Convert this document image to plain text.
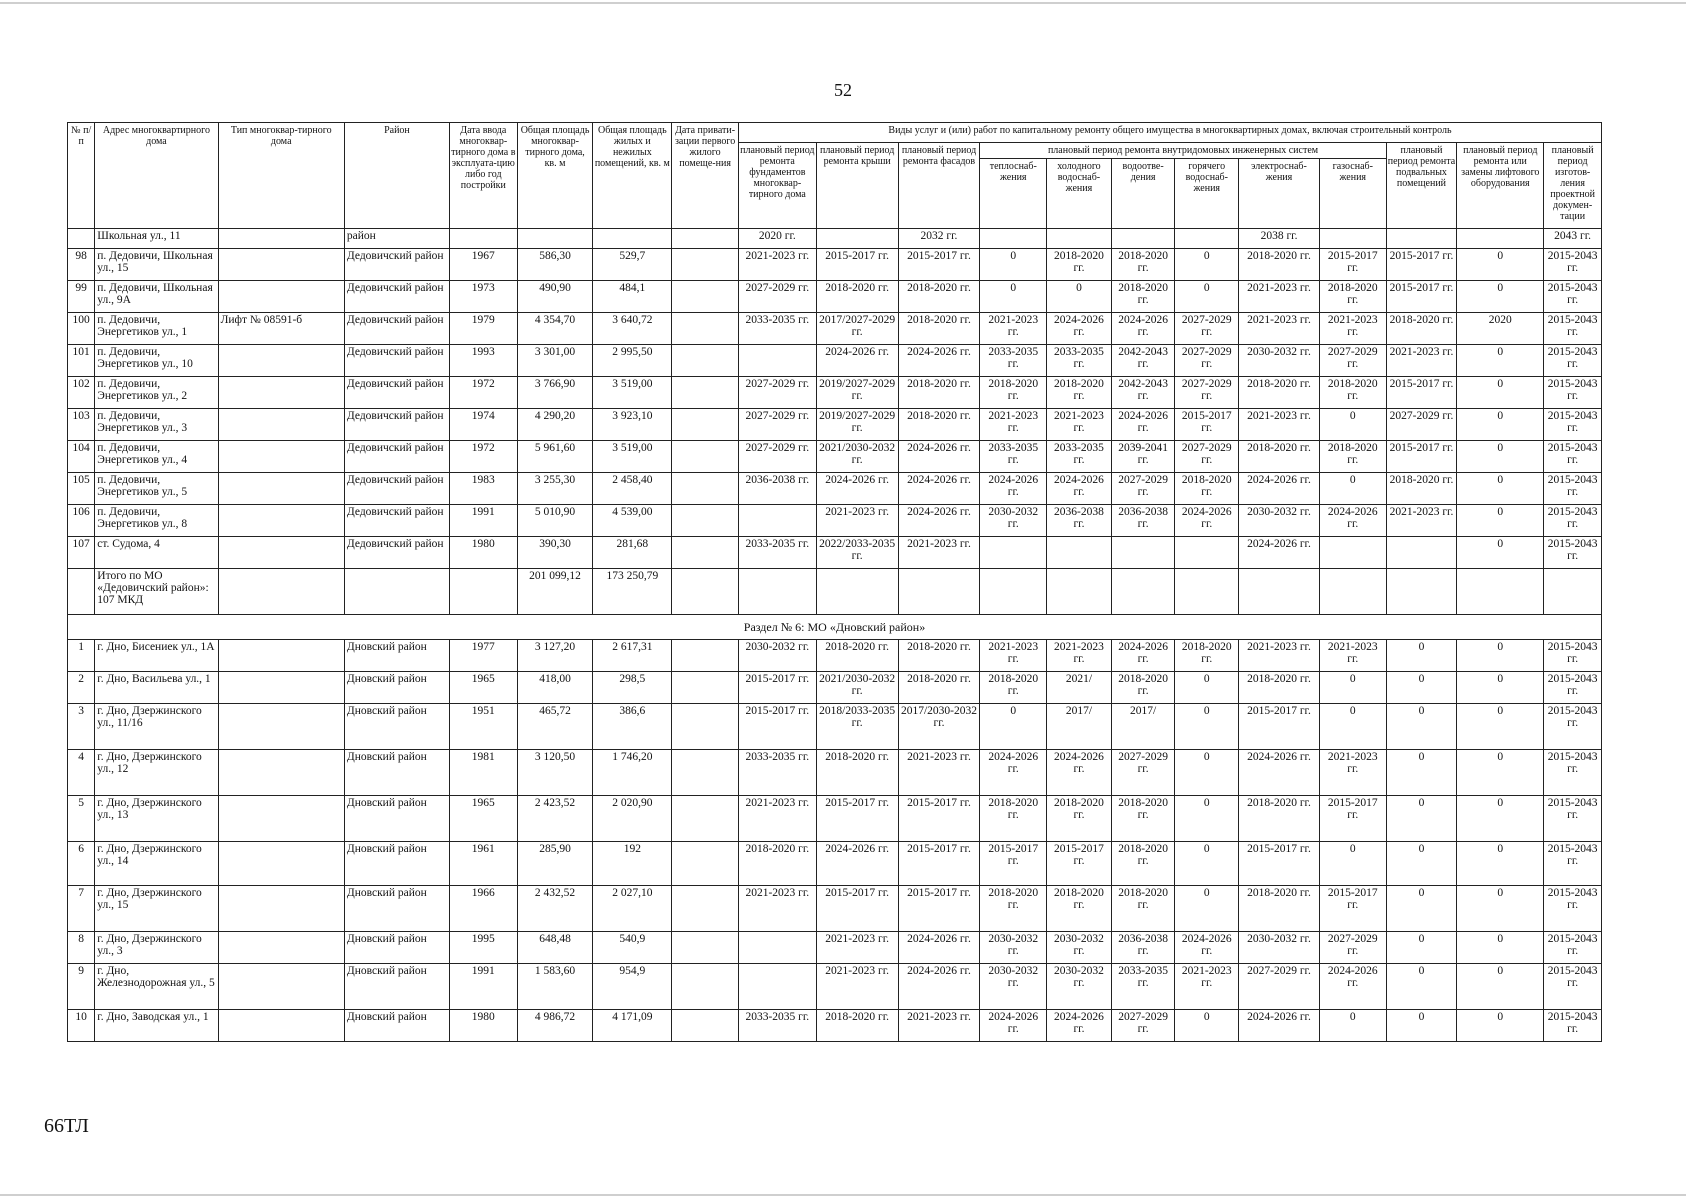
52
№ п/п	Адрес многоквартирного дома	Тип многоквар-тирного дома	Район	Дата ввода многоквар-тирного дома в эксплуата-цию либо год постройки	Общая площадь многоквар-тирного дома, кв. м	Общая площадь жилых и нежилых помещений, кв. м	Дата привати-зации первого жилого помеще-ния	Виды услуг и (или) работ по капитальному ремонту общего имущества в многоквартирных домах, включая строительный контроль											
								плановый период ремонта фундаментов многоквар-тирного дома	плановый период ремонта крыши	плановый период ремонта фасадов	плановый период ремонта внутридомовых инженерных систем						плановый период ремонта подвальных помещений	плановый период ремонта или замены лифтового оборудования	плановый период изготов-ления проектной докумен-тации
											теплоснаб-жения	холодного водоснаб-жения	водоотве-дения	горячего водоснаб-жения	электроснаб-жения	газоснаб-жения			
	Школьная ул., 11		район					2020 гг.		2032 гг.					2038 гг.				2043 гг.
98	п. Дедовичи, Школьная ул., 15		Дедовичский район	1967	586,30	529,7		2021-2023 гг.	2015-2017 гг.	2015-2017 гг.	0	2018-2020 гг.	2018-2020 гг.	0	2018-2020 гг.	2015-2017 гг.	2015-2017 гг.	0	2015-2043 гг.
99	п. Дедовичи, Школьная ул., 9А		Дедовичский район	1973	490,90	484,1		2027-2029 гг.	2018-2020 гг.	2018-2020 гг.	0	0	2018-2020 гг.	0	2021-2023 гг.	2018-2020 гг.	2015-2017 гг.	0	2015-2043 гг.
100	п. Дедовичи, Энергетиков ул., 1	Лифт № 08591-б	Дедовичский район	1979	4 354,70	3 640,72		2033-2035 гг.	2017/2027-2029 гг.	2018-2020 гг.	2021-2023 гг.	2024-2026 гг.	2024-2026 гг.	2027-2029 гг.	2021-2023 гг.	2021-2023 гг.	2018-2020 гг.	2020	2015-2043 гг.
101	п. Дедовичи, Энергетиков ул., 10		Дедовичский район	1993	3 301,00	2 995,50			2024-2026 гг.	2024-2026 гг.	2033-2035 гг.	2033-2035 гг.	2042-2043 гг.	2027-2029 гг.	2030-2032 гг.	2027-2029 гг.	2021-2023 гг.	0	2015-2043 гг.
102	п. Дедовичи, Энергетиков ул., 2		Дедовичский район	1972	3 766,90	3 519,00		2027-2029 гг.	2019/2027-2029 гг.	2018-2020 гг.	2018-2020 гг.	2018-2020 гг.	2042-2043 гг.	2027-2029 гг.	2018-2020 гг.	2018-2020 гг.	2015-2017 гг.	0	2015-2043 гг.
103	п. Дедовичи, Энергетиков ул., 3		Дедовичский район	1974	4 290,20	3 923,10		2027-2029 гг.	2019/2027-2029 гг.	2018-2020 гг.	2021-2023 гг.	2021-2023 гг.	2024-2026 гг.	2015-2017 гг.	2021-2023 гг.	0	2027-2029 гг.	0	2015-2043 гг.
104	п. Дедовичи, Энергетиков ул., 4		Дедовичский район	1972	5 961,60	3 519,00		2027-2029 гг.	2021/2030-2032 гг.	2024-2026 гг.	2033-2035 гг.	2033-2035 гг.	2039-2041 гг.	2027-2029 гг.	2018-2020 гг.	2018-2020 гг.	2015-2017 гг.	0	2015-2043 гг.
105	п. Дедовичи, Энергетиков ул., 5		Дедовичский район	1983	3 255,30	2 458,40		2036-2038 гг.	2024-2026 гг.	2024-2026 гг.	2024-2026 гг.	2024-2026 гг.	2027-2029 гг.	2018-2020 гг.	2024-2026 гг.	0	2018-2020 гг.	0	2015-2043 гг.
106	п. Дедовичи, Энергетиков ул., 8		Дедовичский район	1991	5 010,90	4 539,00			2021-2023 гг.	2024-2026 гг.	2030-2032 гг.	2036-2038 гг.	2036-2038 гг.	2024-2026 гг.	2030-2032 гг.	2024-2026 гг.	2021-2023 гг.	0	2015-2043 гг.
107	ст. Судома, 4		Дедовичский район	1980	390,30	281,68		2033-2035 гг.	2022/2033-2035 гг.	2021-2023 гг.					2024-2026 гг.			0	2015-2043 гг.
	Итого по МО «Дедовичский район»: 107 МКД				201 099,12	173 250,79													
Раздел № 6: МО «Дновский район»																			
1	г. Дно, Бисениек ул., 1А		Дновский район	1977	3 127,20	2 617,31		2030-2032 гг.	2018-2020 гг.	2018-2020 гг.	2021-2023 гг.	2021-2023 гг.	2024-2026 гг.	2018-2020 гг.	2021-2023 гг.	2021-2023 гг.	0	0	2015-2043 гг.
2	г. Дно, Васильева ул., 1		Дновский район	1965	418,00	298,5		2015-2017 гг.	2021/2030-2032 гг.	2018-2020 гг.	2018-2020 гг.	2021/	2018-2020 гг.	0	2018-2020 гг.	0	0	0	2015-2043 гг.
3	г. Дно, Дзержинского ул., 11/16		Дновский район	1951	465,72	386,6		2015-2017 гг.	2018/2033-2035 гг.	2017/2030-2032 гг.	0	2017/	2017/	0	2015-2017 гг.	0	0	0	2015-2043 гг.
4	г. Дно, Дзержинского ул., 12		Дновский район	1981	3 120,50	1 746,20		2033-2035 гг.	2018-2020 гг.	2021-2023 гг.	2024-2026 гг.	2024-2026 гг.	2027-2029 гг.	0	2024-2026 гг.	2021-2023 гг.	0	0	2015-2043 гг.
5	г. Дно, Дзержинского ул., 13		Дновский район	1965	2 423,52	2 020,90		2021-2023 гг.	2015-2017 гг.	2015-2017 гг.	2018-2020 гг.	2018-2020 гг.	2018-2020 гг.	0	2018-2020 гг.	2015-2017 гг.	0	0	2015-2043 гг.
6	г. Дно, Дзержинского ул., 14		Дновский район	1961	285,90	192		2018-2020 гг.	2024-2026 гг.	2015-2017 гг.	2015-2017 гг.	2015-2017 гг.	2018-2020 гг.	0	2015-2017 гг.	0	0	0	2015-2043 гг.
7	г. Дно, Дзержинского ул., 15		Дновский район	1966	2 432,52	2 027,10		2021-2023 гг.	2015-2017 гг.	2015-2017 гг.	2018-2020 гг.	2018-2020 гг.	2018-2020 гг.	0	2018-2020 гг.	2015-2017 гг.	0	0	2015-2043 гг.
8	г. Дно, Дзержинского ул., 3		Дновский район	1995	648,48	540,9			2021-2023 гг.	2024-2026 гг.	2030-2032 гг.	2030-2032 гг.	2036-2038 гг.	2024-2026 гг.	2030-2032 гг.	2027-2029 гг.	0	0	2015-2043 гг.
9	г. Дно, Железнодорожная ул., 5		Дновский район	1991	1 583,60	954,9			2021-2023 гг.	2024-2026 гг.	2030-2032 гг.	2030-2032 гг.	2033-2035 гг.	2021-2023 гг.	2027-2029 гг.	2024-2026 гг.	0	0	2015-2043 гг.
10	г. Дно, Заводская ул., 1		Дновский район	1980	4 986,72	4 171,09		2033-2035 гг.	2018-2020 гг.	2021-2023 гг.	2024-2026 гг.	2024-2026 гг.	2027-2029 гг.	0	2024-2026 гг.	0	0	0	2015-2043 гг.
66ТЛ
